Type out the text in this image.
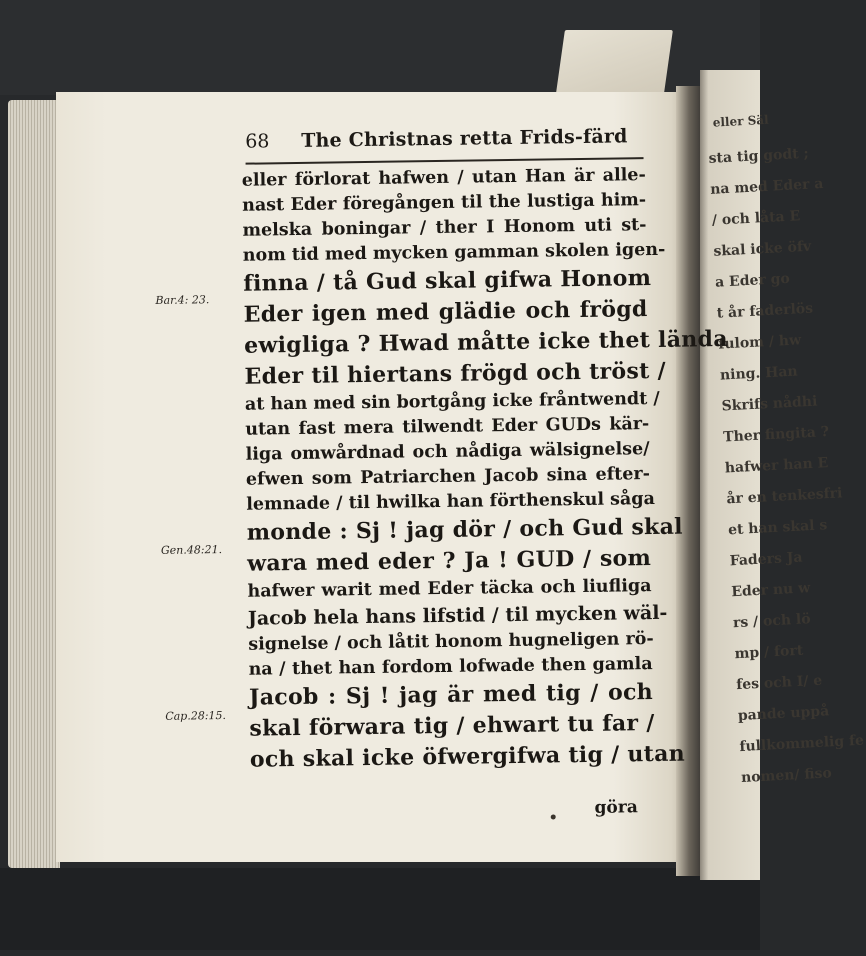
eller Säl
sta tig godt ;
na med Eder a
/ och låta E
skal icke öfv
a Eder go
t år faderlös
fulom / hw
ning. Han
Skrifs nådhi
Ther fingita ?
hafwer han E
år en tenkesfri
et han skal s
Faders Ja
Eder nu w
rs / och lö
mp / fort
fes och I/ e
pande uppå
fullkommelig fe
nomen/ fiso
68 The Christnas retta Frids-färd
eller förlorat hafwen / utan Han är alle-
nast Eder föregången til the lustiga him-
melska boningar / ther I Honom uti st-
nom tid med mycken gamman skolen igen-
finna / tå Gud skal gifwa Honom
Eder igen med glädie och frögd
ewigliga ? Hwad måtte icke thet lända
Eder til hiertans frögd och tröst /
at han med sin bortgång icke fråntwendt /
utan fast mera tilwendt Eder GUDs kär-
liga omwårdnad och nådiga wälsignelse/
efwen som Patriarchen Jacob sina efter-
lemnade / til hwilka han förthenskul såga
monde : Sj ! jag dör / och Gud skal
wara med eder ? Ja ! GUD / som
hafwer warit med Eder täcka och liufliga
Jacob hela hans lifstid / til mycken wäl-
signelse / och låtit honom hugneligen rö-
na / thet han fordom lofwade then gamla
Jacob : Sj ! jag är med tig / och
skal förwara tig / ehwart tu far /
och skal icke öfwergifwa tig / utan
Bar.4: 23.
Gen.48:21.
Cap.28:15.
göra
